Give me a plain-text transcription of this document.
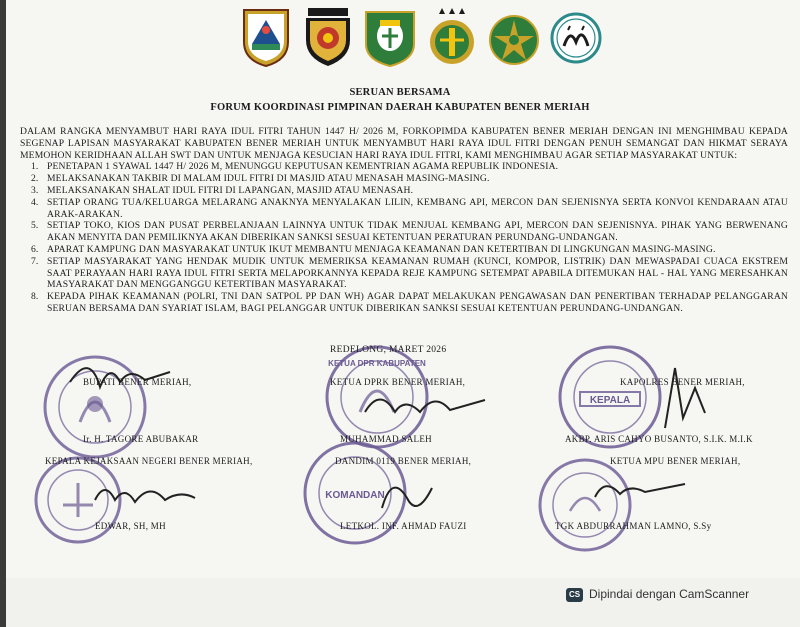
SERUAN BERSAMA
FORUM KOORDINASI PIMPINAN DAERAH KABUPATEN BENER MERIAH

DALAM RANGKA MENYAMBUT HARI RAYA IDUL FITRI TAHUN 1447 H/ 2026 M, FORKOPIMDA KABUPATEN BENER MERIAH DENGAN INI MENGHIMBAU KEPADA SEGENAP LAPISAN MASYARAKAT KABUPATEN BENER MERIAH UNTUK MENYAMBUT HARI RAYA IDUL FITRI DENGAN PENUH SEMANGAT DAN HIKMAT SERAYA MEMOHON KERIDHAAN ALLAH SWT DAN UNTUK MENJAGA KESUCIAN HARI RAYA IDUL FITRI, KAMI MENGHIMBAU AGAR SETIAP MASYARAKAT UNTUK:

1. PENETAPAN 1 SYAWAL 1447 H/ 2026 M, MENUNGGU KEPUTUSAN KEMENTRIAN AGAMA REPUBLIK INDONESIA.
2. MELAKSANAKAN TAKBIR DI MALAM IDUL FITRI DI MASJID ATAU MENASAH MASING-MASING.
3. MELAKSANAKAN SHALAT IDUL FITRI DI LAPANGAN, MASJID ATAU MENASAH.
4. SETIAP ORANG TUA/KELUARGA MELARANG ANAKNYA MENYALAKAN LILIN, KEMBANG API, MERCON DAN SEJENISNYA SERTA KONVOI KENDARAAN ATAU ARAK-ARAKAN.
5. SETIAP TOKO, KIOS DAN PUSAT PERBELANJAAN LAINNYA UNTUK TIDAK MENJUAL KEMBANG API, MERCON DAN SEJENISNYA. PIHAK YANG BERWENANG AKAN MENYITA DAN PEMILIKNYA AKAN DIBERIKAN SANKSI SESUAI KETENTUAN PERATURAN PERUNDANG-UNDANGAN.
6. APARAT KAMPUNG DAN MASYARAKAT UNTUK IKUT MEMBANTU MENJAGA KEAMANAN DAN KETERTIBAN DI LINGKUNGAN MASING-MASING.
7. SETIAP MASYARAKAT YANG HENDAK MUDIK UNTUK MEMERIKSA KEAMANAN RUMAH (KUNCI, KOMPOR, LISTRIK) DAN MEWASPADAI CUACA EKSTREM SAAT PERAYAAN HARI RAYA IDUL FITRI SERTA MELAPORKANNYA KEPADA REJE KAMPUNG SETEMPAT APABILA DITEMUKAN HAL - HAL YANG MERESAHKAN MASYARAKAT DAN MENGGANGGU KETERTIBAN MASYARAKAT.
8. KEPADA PIHAK KEAMANAN (POLRI, TNI DAN SATPOL PP DAN WH) AGAR DAPAT MELAKUKAN PENGAWASAN DAN PENERTIBAN TERHADAP PELANGGARAN SERUAN BERSAMA DAN SYARIAT ISLAM, BAGI PELANGGAR UNTUK DIBERIKAN SANKSI SESUAI KETENTUAN PERUNDANG-UNDANGAN.
KETUA DPR KABUPATEN
KOMANDAN
KEPALA
REDELONG, MARET 2026
BUPATI BENER MERIAH,
Ir. H. TAGORE ABUBAKAR
KETUA DPRK BENER MERIAH,
MUHAMMAD SALEH
KAPOLRES BENER MERIAH,
AKBP. ARIS CAHYO BUSANTO, S.I.K. M.I.K
KEPALA KEJAKSAAN NEGERI BENER MERIAH,
EDWAR, SH, MH
DANDIM 0119 BENER MERIAH,
LETKOL. INF. AHMAD FAUZI
KETUA MPU BENER MERIAH,
TGK ABDURRAHMAN LAMNO, S.Sy
CS Dipindai dengan CamScanner
